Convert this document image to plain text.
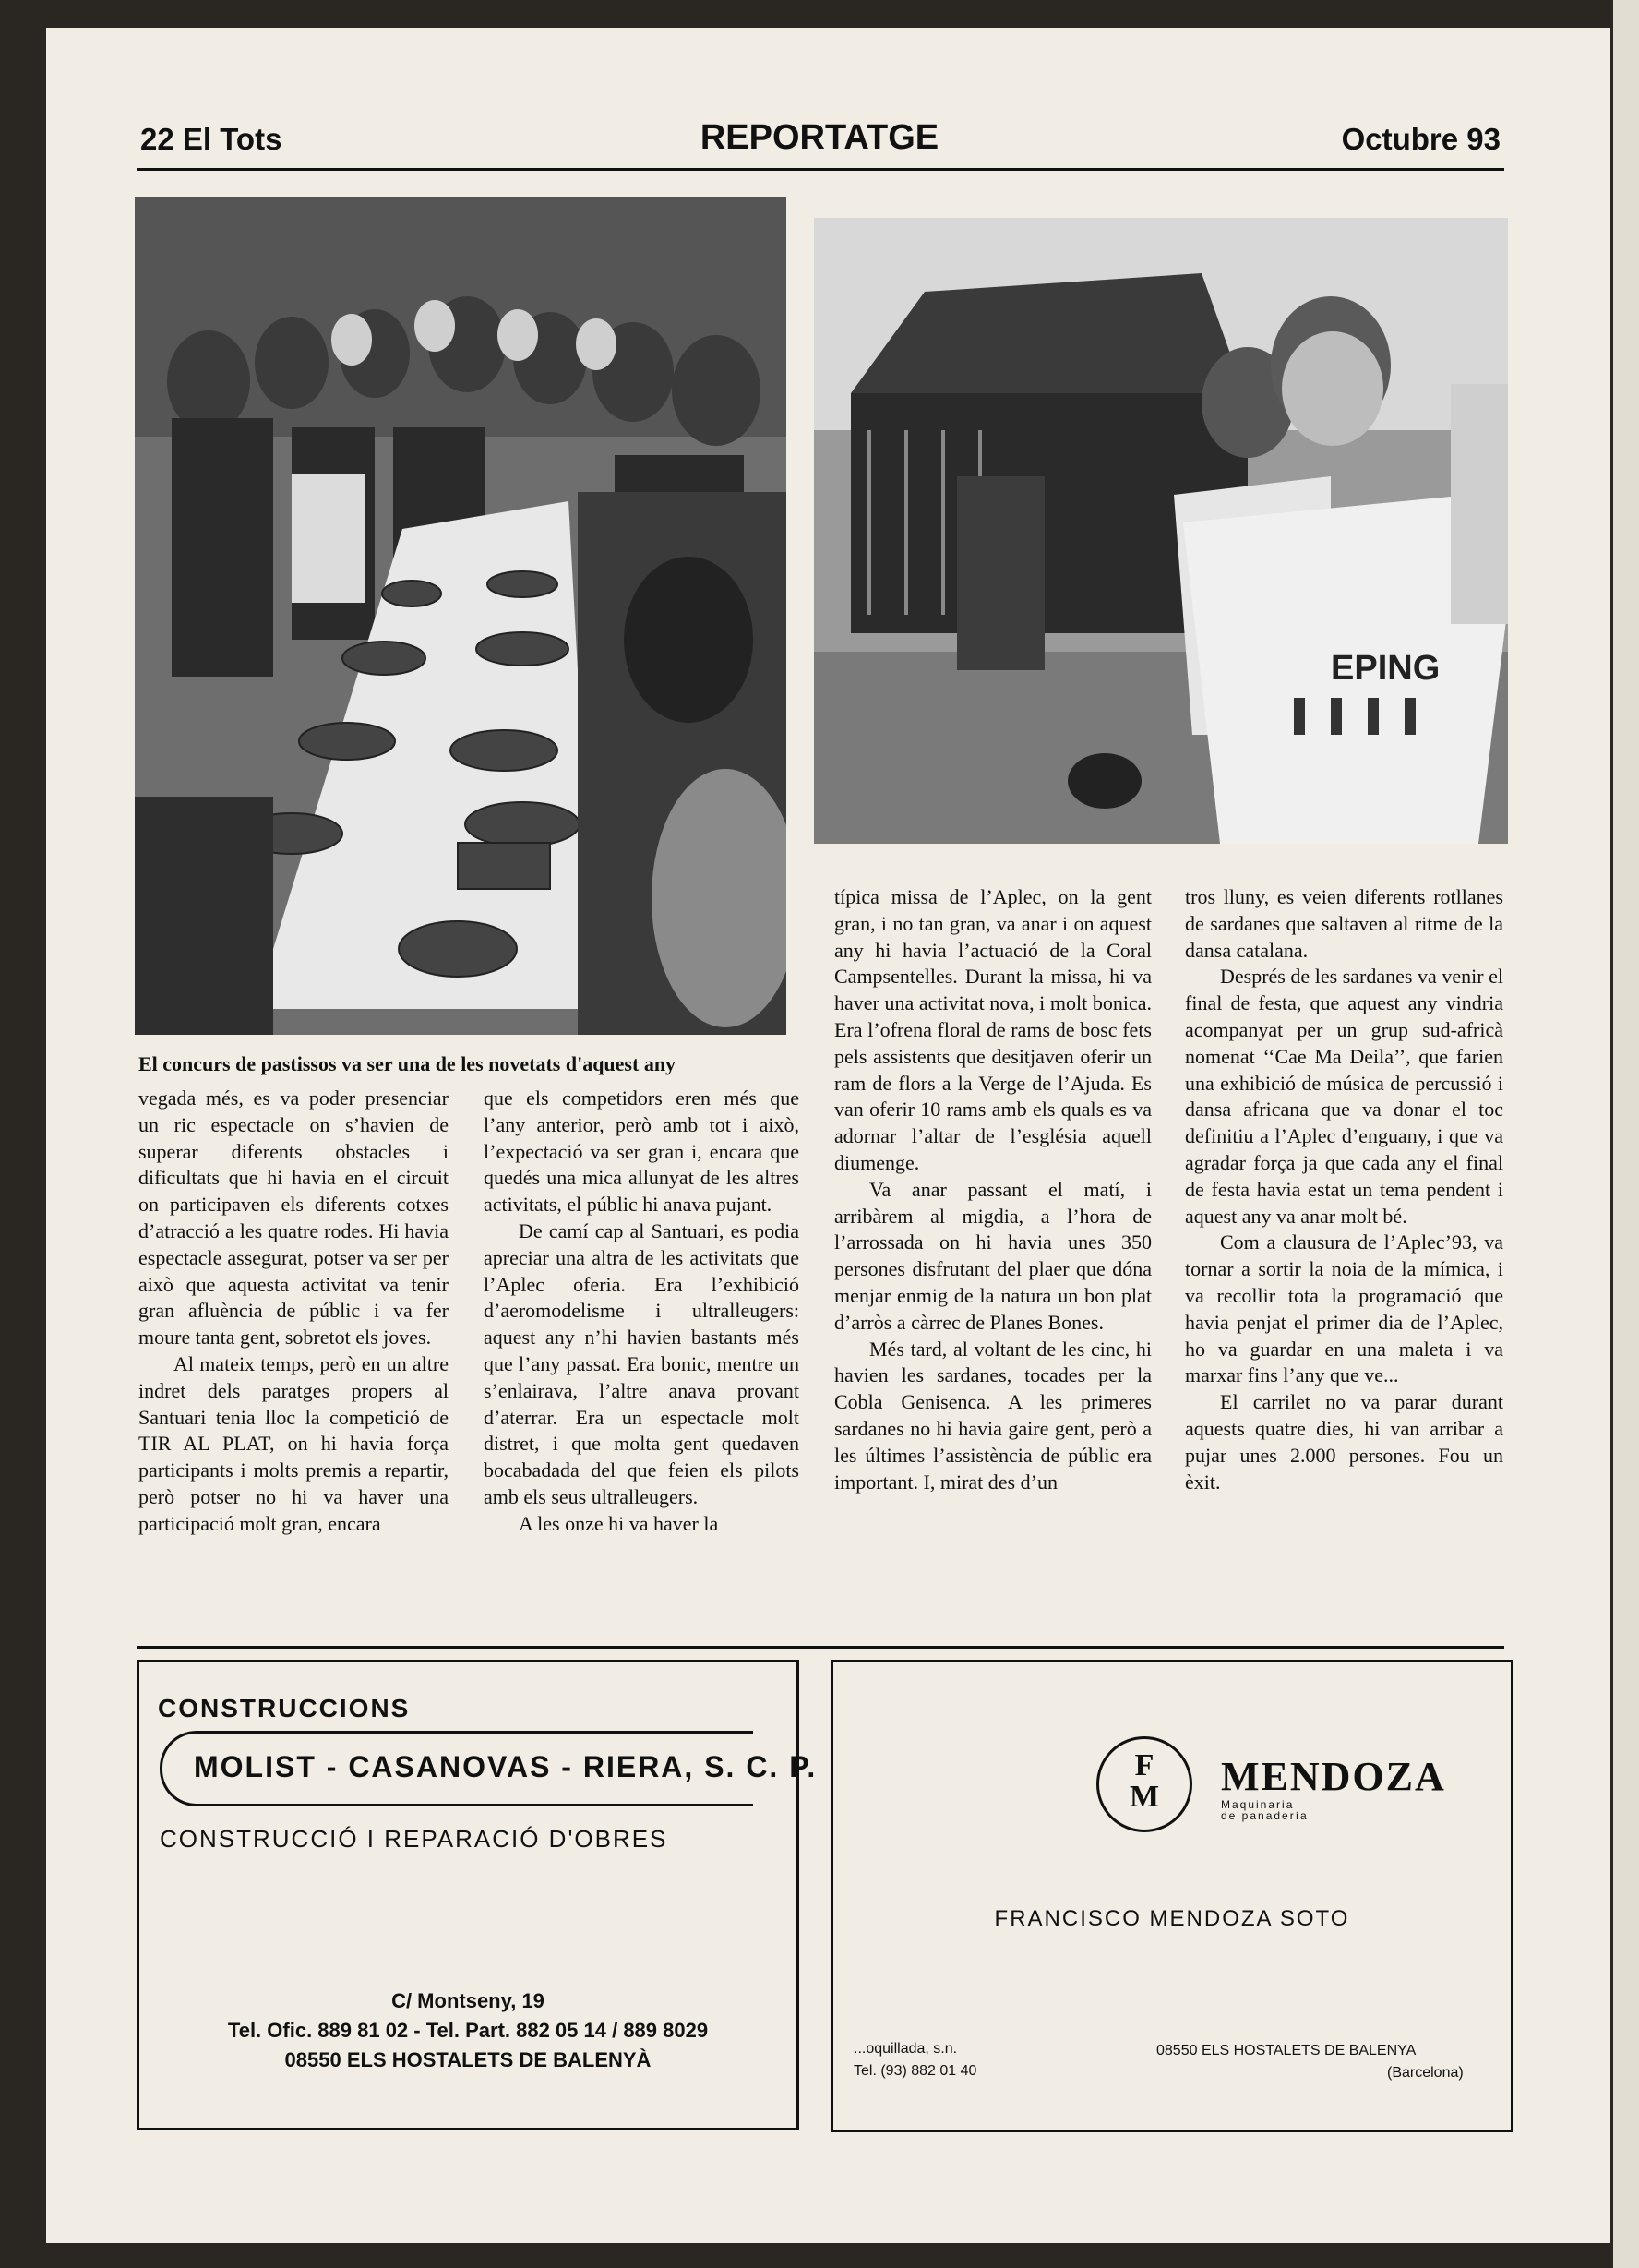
22 El Tots	REPORTATGE	Octubre 93
EPING
El concurs de pastissos va ser una de les novetats d'aquest any

vegada més, es va poder presenciar un ric espectacle on s’havien de superar diferents obstacles i dificultats que hi havia en el circuit on participaven els diferents cotxes d’atracció a les quatre rodes. Hi havia espectacle assegurat, potser va ser per això que aquesta activitat va tenir gran afluència de públic i va fer moure tanta gent, sobretot els joves.

Al mateix temps, però en un altre indret dels paratges propers al Santuari tenia lloc la competició de TIR AL PLAT, on hi havia força participants i molts premis a repartir, però potser no hi va haver una participació molt gran, encara

que els competidors eren més que l’any anterior, però amb tot i això, l’expectació va ser gran i, encara que quedés una mica allunyat de les altres activitats, el públic hi anava pujant.

De camí cap al Santuari, es podia apreciar una altra de les activitats que l’Aplec oferia. Era l’exhibició d’aeromodelisme i ultralleugers: aquest any n’hi havien bastants més que l’any passat. Era bonic, mentre un s’enlairava, l’altre anava provant d’aterrar. Era un espectacle molt distret, i que molta gent quedaven bocabadada del que feien els pilots amb els seus ultralleugers.

A les onze hi va haver la

típica missa de l’Aplec, on la gent gran, i no tan gran, va anar i on aquest any hi havia l’actuació de la Coral Campsentelles. Durant la missa, hi va haver una activitat nova, i molt bonica. Era l’ofrena floral de rams de bosc fets pels assistents que desitjaven oferir un ram de flors a la Verge de l’Ajuda. Es van oferir 10 rams amb els quals es va adornar l’altar de l’església aquell diumenge.

Va anar passant el matí, i arribàrem al migdia, a l’hora de l’arrossada on hi havia unes 350 persones disfrutant del plaer que dóna menjar enmig de la natura un bon plat d’arròs a càrrec de Planes Bones.

Més tard, al voltant de les cinc, hi havien les sardanes, tocades per la Cobla Genisenca. A les primeres sardanes no hi havia gaire gent, però a les últimes l’assistència de públic era important. I, mirat des d’un

tros lluny, es veien diferents rotllanes de sardanes que saltaven al ritme de la dansa catalana.

Després de les sardanes va venir el final de festa, que aquest any vindria acompanyat per un grup sud-africà nomenat ‘‘Cae Ma Deila’’, que farien una exhibició de música de percussió i dansa africana que va donar el toc definitiu a l’Aplec d’enguany, i que va agradar força ja que cada any el final de festa havia estat un tema pendent i aquest any va anar molt bé.

Com a clausura de l’Aplec’93, va tornar a sortir la noia de la mímica, i va recollir tota la programació que havia penjat el primer dia de l’Aplec, ho va guardar en una maleta i va marxar fins l’any que ve...

El carrilet no va parar durant aquests quatre dies, hi van arribar a pujar unes 2.000 persones. Fou un èxit.

CONSTRUCCIONS
MOLIST - CASANOVAS - RIERA, S. C. P.
CONSTRUCCIÓ I REPARACIÓ D'OBRES
C/ Montseny, 19
Tel. Ofic. 889 81 02 - Tel. Part. 882 05 14 / 889 8029
08550 ELS HOSTALETS DE BALENYÀ
F
M	MENDOZA
Maquinaria
de panadería
FRANCISCO MENDOZA SOTO
...oquillada, s.n.
Tel. (93) 882 01 40
08550 ELS HOSTALETS DE BALENYA
(Barcelona)
